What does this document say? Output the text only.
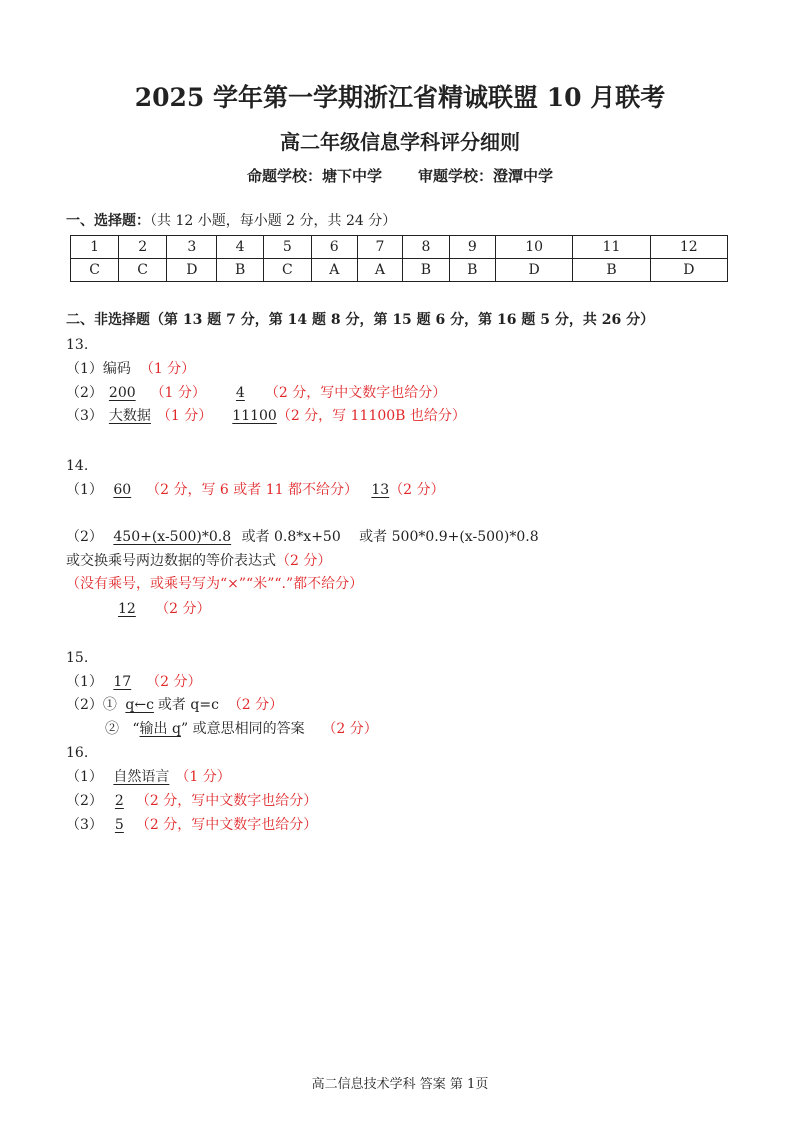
2025 学年第一学期浙江省精诚联盟 10 月联考
高二年级信息学科评分细则
命题学校：塘下中学 审题学校：澄潭中学
一、选择题：（共 12 小题，每小题 2 分，共 24 分）
1	2	3	4	5	6	7	8	9	10	11	12
C	C	D	B	C	A	A	B	B	D	B	D
二、非选择题（第 13 题 7 分，第 14 题 8 分，第 15 题 6 分，第 16 题 5 分，共 26 分）
13.
（1）编码 （1 分）
（2） 200 （1 分） 4 （2 分，写中文数字也给分）
（3） 大数据 （1 分） 11100（2 分，写 11100B 也给分）
14.
（1） 60 （2 分，写 6 或者 11 都不给分） 13（2 分）
（2） 450+(x-500)*0.8 或者 0.8*x+50　 或者 500*0.9+(x-500)*0.8
或交换乘号两边数据的等价表达式（2 分）
（没有乘号，或乘号写为“×”“米”“.”都不给分）
12 （2 分）
15.
（1） 17 （2 分）
（2）① q←c 或者 q=c （2 分）
② “输出 q” 或意思相同的答案 （2 分）
16.
（1） 自然语言 （1 分）
（2） 2 （2 分，写中文数字也给分）
（3） 5 （2 分，写中文数字也给分）
高二信息技术学科 答案 第 1页
